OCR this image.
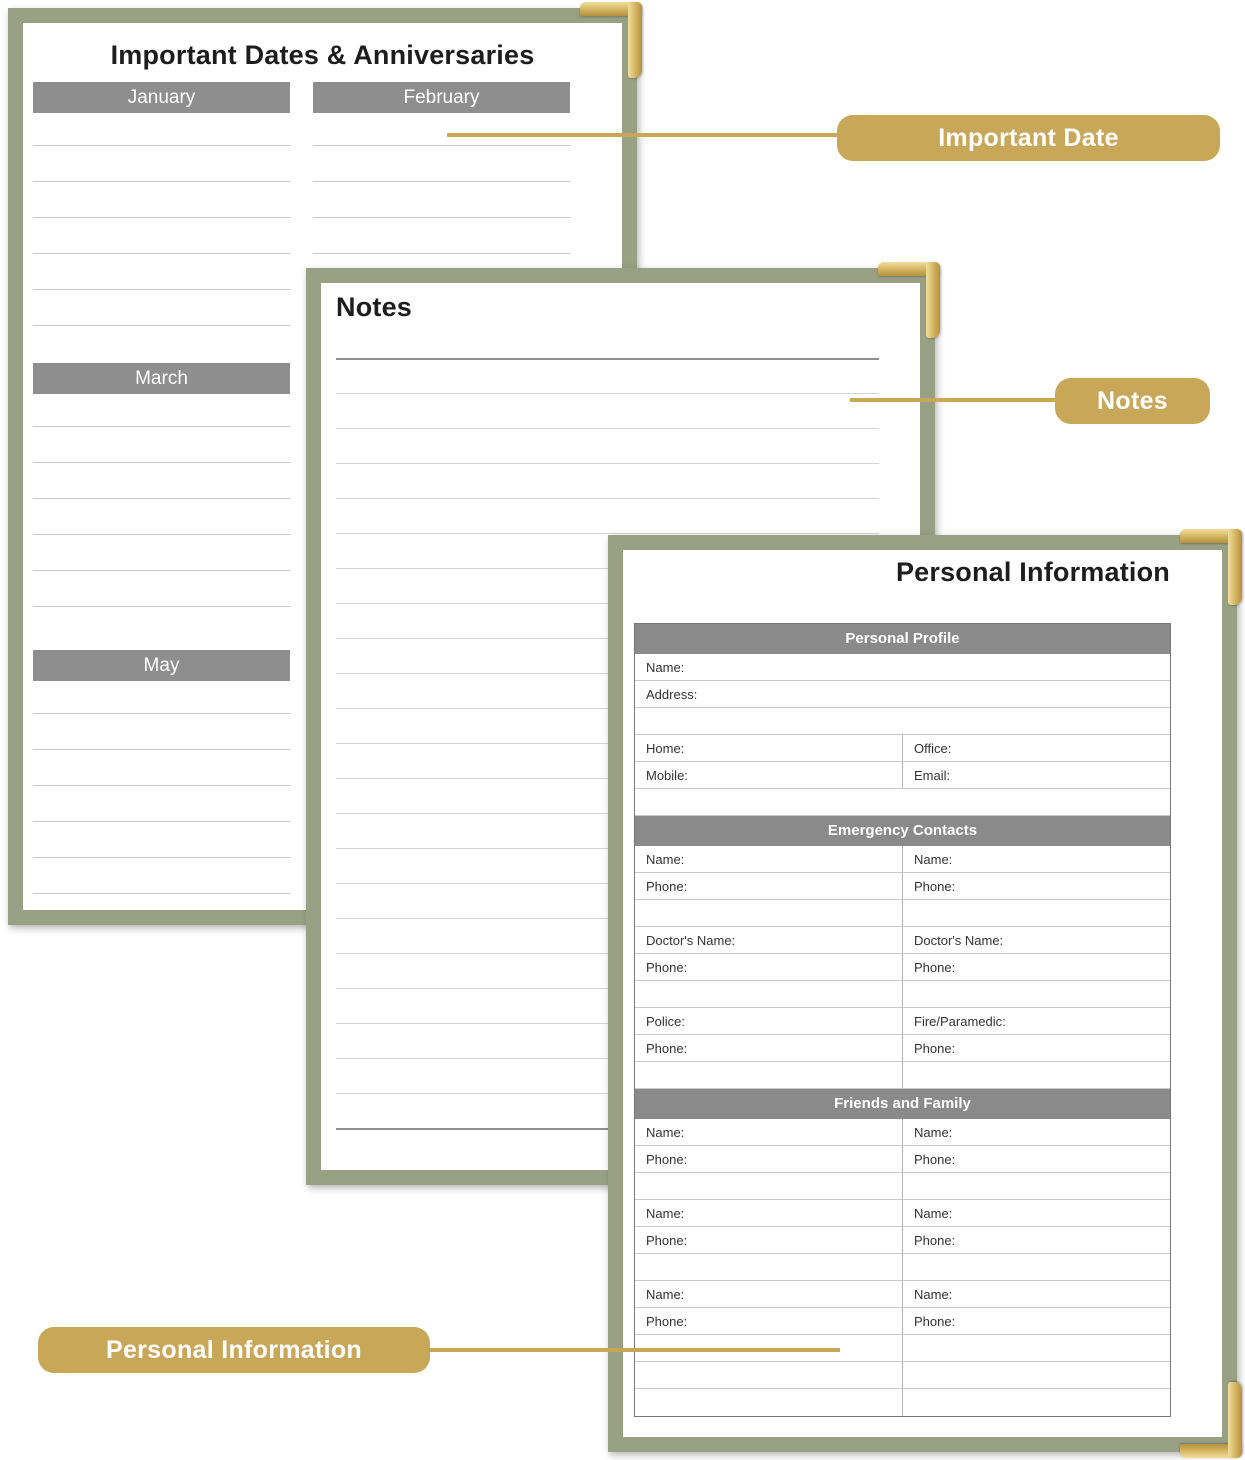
Important Dates & Anniversaries
January	February
March
May
Notes
Personal Information
Personal Profile
Name:
Address:
Home:	Office:
Mobile:	Email:
Emergency Contacts
Name:	Name:
Phone:	Phone:
Doctor's Name:	Doctor's Name:
Phone:	Phone:
Police:	Fire/Paramedic:
Phone:	Phone:
Friends and Family
Name:	Name:
Phone:	Phone:
Name:	Name:
Phone:	Phone:
Name:	Name:
Phone:	Phone:
Important Date
Notes
Personal Information
